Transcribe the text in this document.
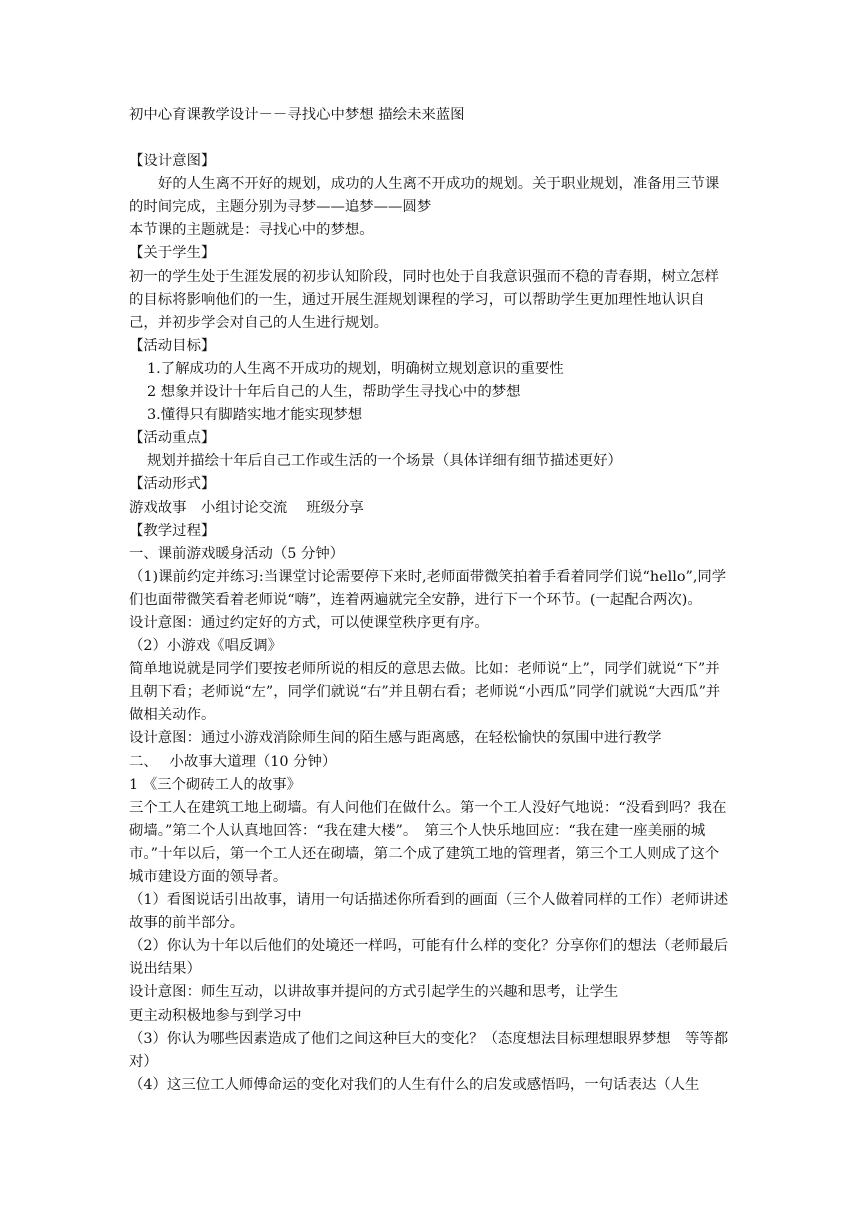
初中心育课教学设计－－寻找心中梦想 描绘未来蓝图

【设计意图】

好的人生离不开好的规划，成功的人生离不开成功的规划。关于职业规划，准备用三节课的时间完成，主题分别为寻梦——追梦——圆梦

本节课的主题就是：寻找心中的梦想。

【关于学生】

初一的学生处于生涯发展的初步认知阶段，同时也处于自我意识强而不稳的青春期，树立怎样的目标将影响他们的一生，通过开展生涯规划课程的学习，可以帮助学生更加理性地认识自己，并初步学会对自己的人生进行规划。

【活动目标】

1.了解成功的人生离不开成功的规划，明确树立规划意识的重要性

2 想象并设计十年后自己的人生，帮助学生寻找心中的梦想

3.懂得只有脚踏实地才能实现梦想

【活动重点】

规划并描绘十年后自己工作或生活的一个场景（具体详细有细节描述更好）

【活动形式】

游戏故事　小组讨论交流　 班级分享

【教学过程】

一、课前游戏暖身活动（5 分钟）

（1)课前约定并练习:当课堂讨论需要停下来时,老师面带微笑拍着手看着同学们说“hello”,同学们也面带微笑看着老师说“嗨”，连着两遍就完全安静，进行下一个环节。(一起配合两次)。

设计意图：通过约定好的方式，可以使课堂秩序更有序。

（2）小游戏《唱反调》

简单地说就是同学们要按老师所说的相反的意思去做。比如：老师说“上”，同学们就说“下”并且朝下看；老师说“左”，同学们就说“右”并且朝右看；老师说“小西瓜”同学们就说“大西瓜”并做相关动作。

设计意图：通过小游戏消除师生间的陌生感与距离感，在轻松愉快的氛围中进行教学

二、　 小故事大道理（10 分钟）

1 《三个砌砖工人的故事》

三个工人在建筑工地上砌墙。有人问他们在做什么。第一个工人没好气地说：“没看到吗？我在砌墙。”第二个人认真地回答：“我在建大楼”。　第三个人快乐地回应：“我在建一座美丽的城市。”十年以后，第一个工人还在砌墙，第二个成了建筑工地的管理者，第三个工人则成了这个城市建设方面的领导者。

（1）看图说话引出故事，请用一句话描述你所看到的画面（三个人做着同样的工作）老师讲述故事的前半部分。

（2）你认为十年以后他们的处境还一样吗，可能有什么样的变化？分享你们的想法（老师最后说出结果）

设计意图：师生互动，以讲故事并提问的方式引起学生的兴趣和思考，让学生

更主动积极地参与到学习中

（3）你认为哪些因素造成了他们之间这种巨大的变化？（态度想法目标理想眼界梦想　等等都对）

（4）这三位工人师傅命运的变化对我们的人生有什么的启发或感悟吗，一句话表达（人生
